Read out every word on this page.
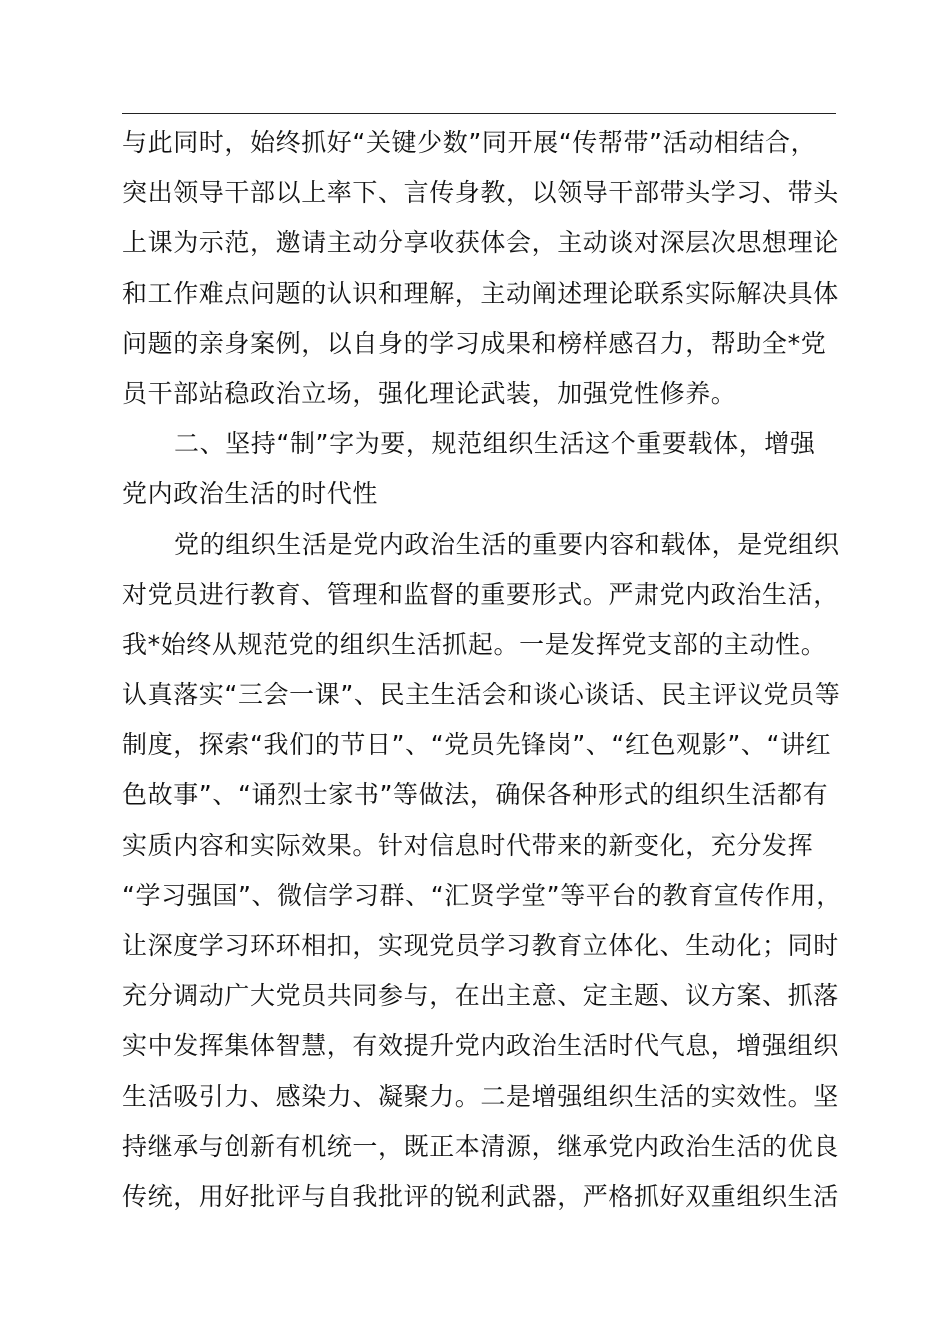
与此同时，始终抓好“关键少数”同开展“传帮带”活动相结合，
突出领导干部以上率下、言传身教，以领导干部带头学习、带头
上课为示范，邀请主动分享收获体会，主动谈对深层次思想理论
和工作难点问题的认识和理解，主动阐述理论联系实际解决具体
问题的亲身案例，以自身的学习成果和榜样感召力，帮助全*党
员干部站稳政治立场，强化理论武装，加强党性修养。
二、坚持“制”字为要，规范组织生活这个重要载体，增强
党内政治生活的时代性
党的组织生活是党内政治生活的重要内容和载体，是党组织
对党员进行教育、管理和监督的重要形式。严肃党内政治生活，
我*始终从规范党的组织生活抓起。一是发挥党支部的主动性。
认真落实“三会一课”、民主生活会和谈心谈话、民主评议党员等
制度，探索“我们的节日”、“党员先锋岗”、“红色观影”、“讲红
色故事”、“诵烈士家书”等做法，确保各种形式的组织生活都有
实质内容和实际效果。针对信息时代带来的新变化，充分发挥
“学习强国”、微信学习群、“汇贤学堂”等平台的教育宣传作用，
让深度学习环环相扣，实现党员学习教育立体化、生动化；同时
充分调动广大党员共同参与，在出主意、定主题、议方案、抓落
实中发挥集体智慧，有效提升党内政治生活时代气息，增强组织
生活吸引力、感染力、凝聚力。二是增强组织生活的实效性。坚
持继承与创新有机统一，既正本清源，继承党内政治生活的优良
传统，用好批评与自我批评的锐利武器，严格抓好双重组织生活
